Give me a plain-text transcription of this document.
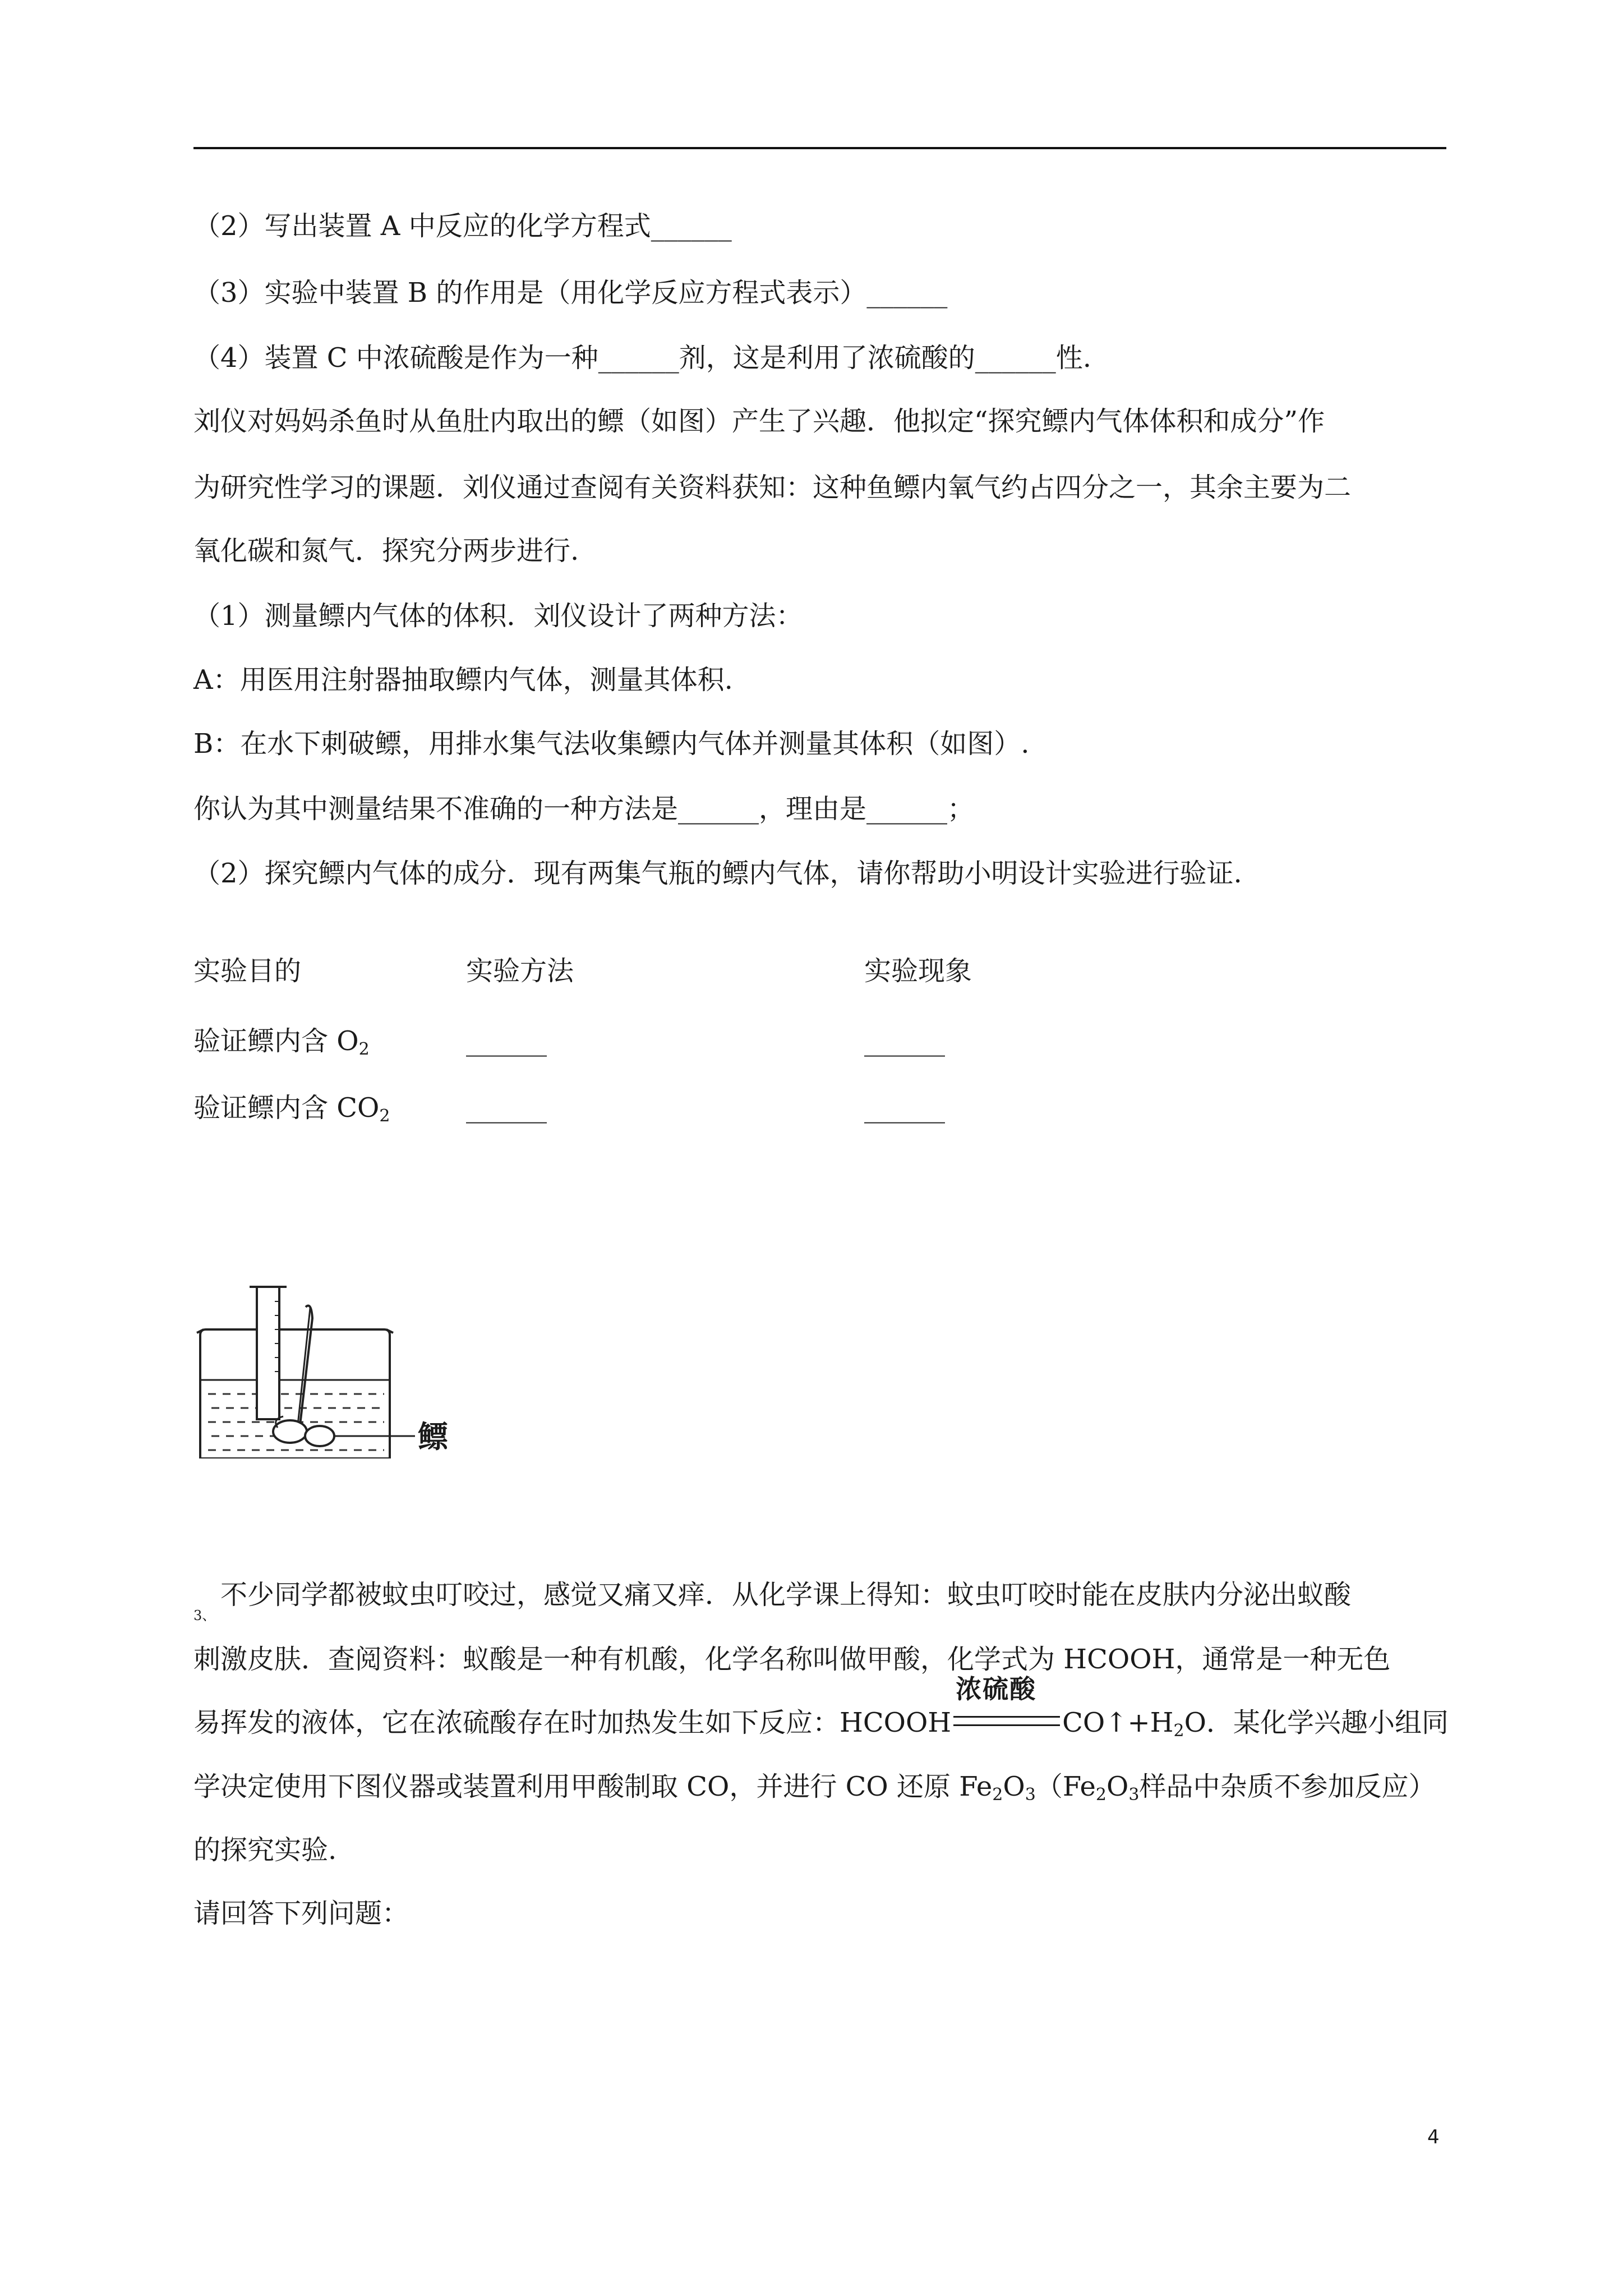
（2）写出装置 A 中反应的化学方程式______
（3）实验中装置 B 的作用是（用化学反应方程式表示）______
（4）装置 C 中浓硫酸是作为一种______剂，这是利用了浓硫酸的______性.
刘仪对妈妈杀鱼时从鱼肚内取出的鳔（如图）产生了兴趣．他拟定“探究鳔内气体体积和成分”作
为研究性学习的课题．刘仪通过查阅有关资料获知：这种鱼鳔内氧气约占四分之一，其余主要为二
氧化碳和氮气．探究分两步进行.
（1）测量鳔内气体的体积．刘仪设计了两种方法：
A：用医用注射器抽取鳔内气体，测量其体积.
B：在水下刺破鳔，用排水集气法收集鳔内气体并测量其体积（如图）.
你认为其中测量结果不准确的一种方法是______，理由是______；
（2）探究鳔内气体的成分．现有两集气瓶的鳔内气体，请你帮助小明设计实验进行验证.
实验目的	实验方法	实验现象
验证鳔内含 $O_2$	______	______
验证鳔内含 $CO_2$	______	______
鳔
3、
不少同学都被蚊虫叮咬过，感觉又痛又痒．从化学课上得知：蚊虫叮咬时能在皮肤内分泌出蚁酸
刺激皮肤．查阅资料：蚁酸是一种有机酸，化学名称叫做甲酸，化学式为 HCOOH，通常是一种无色
易挥发的液体，它在浓硫酸存在时加热发生如下反应：HCOOH
浓硫酸
$CO↑+H_2O$．某化学兴趣小组同
学决定使用下图仪器或装置利用甲酸制取 CO，并进行 CO 还原 $Fe_2O_3(Fe_2O_3$样品中杂质不参加反应）
的探究实验.
请回答下列问题：
4
